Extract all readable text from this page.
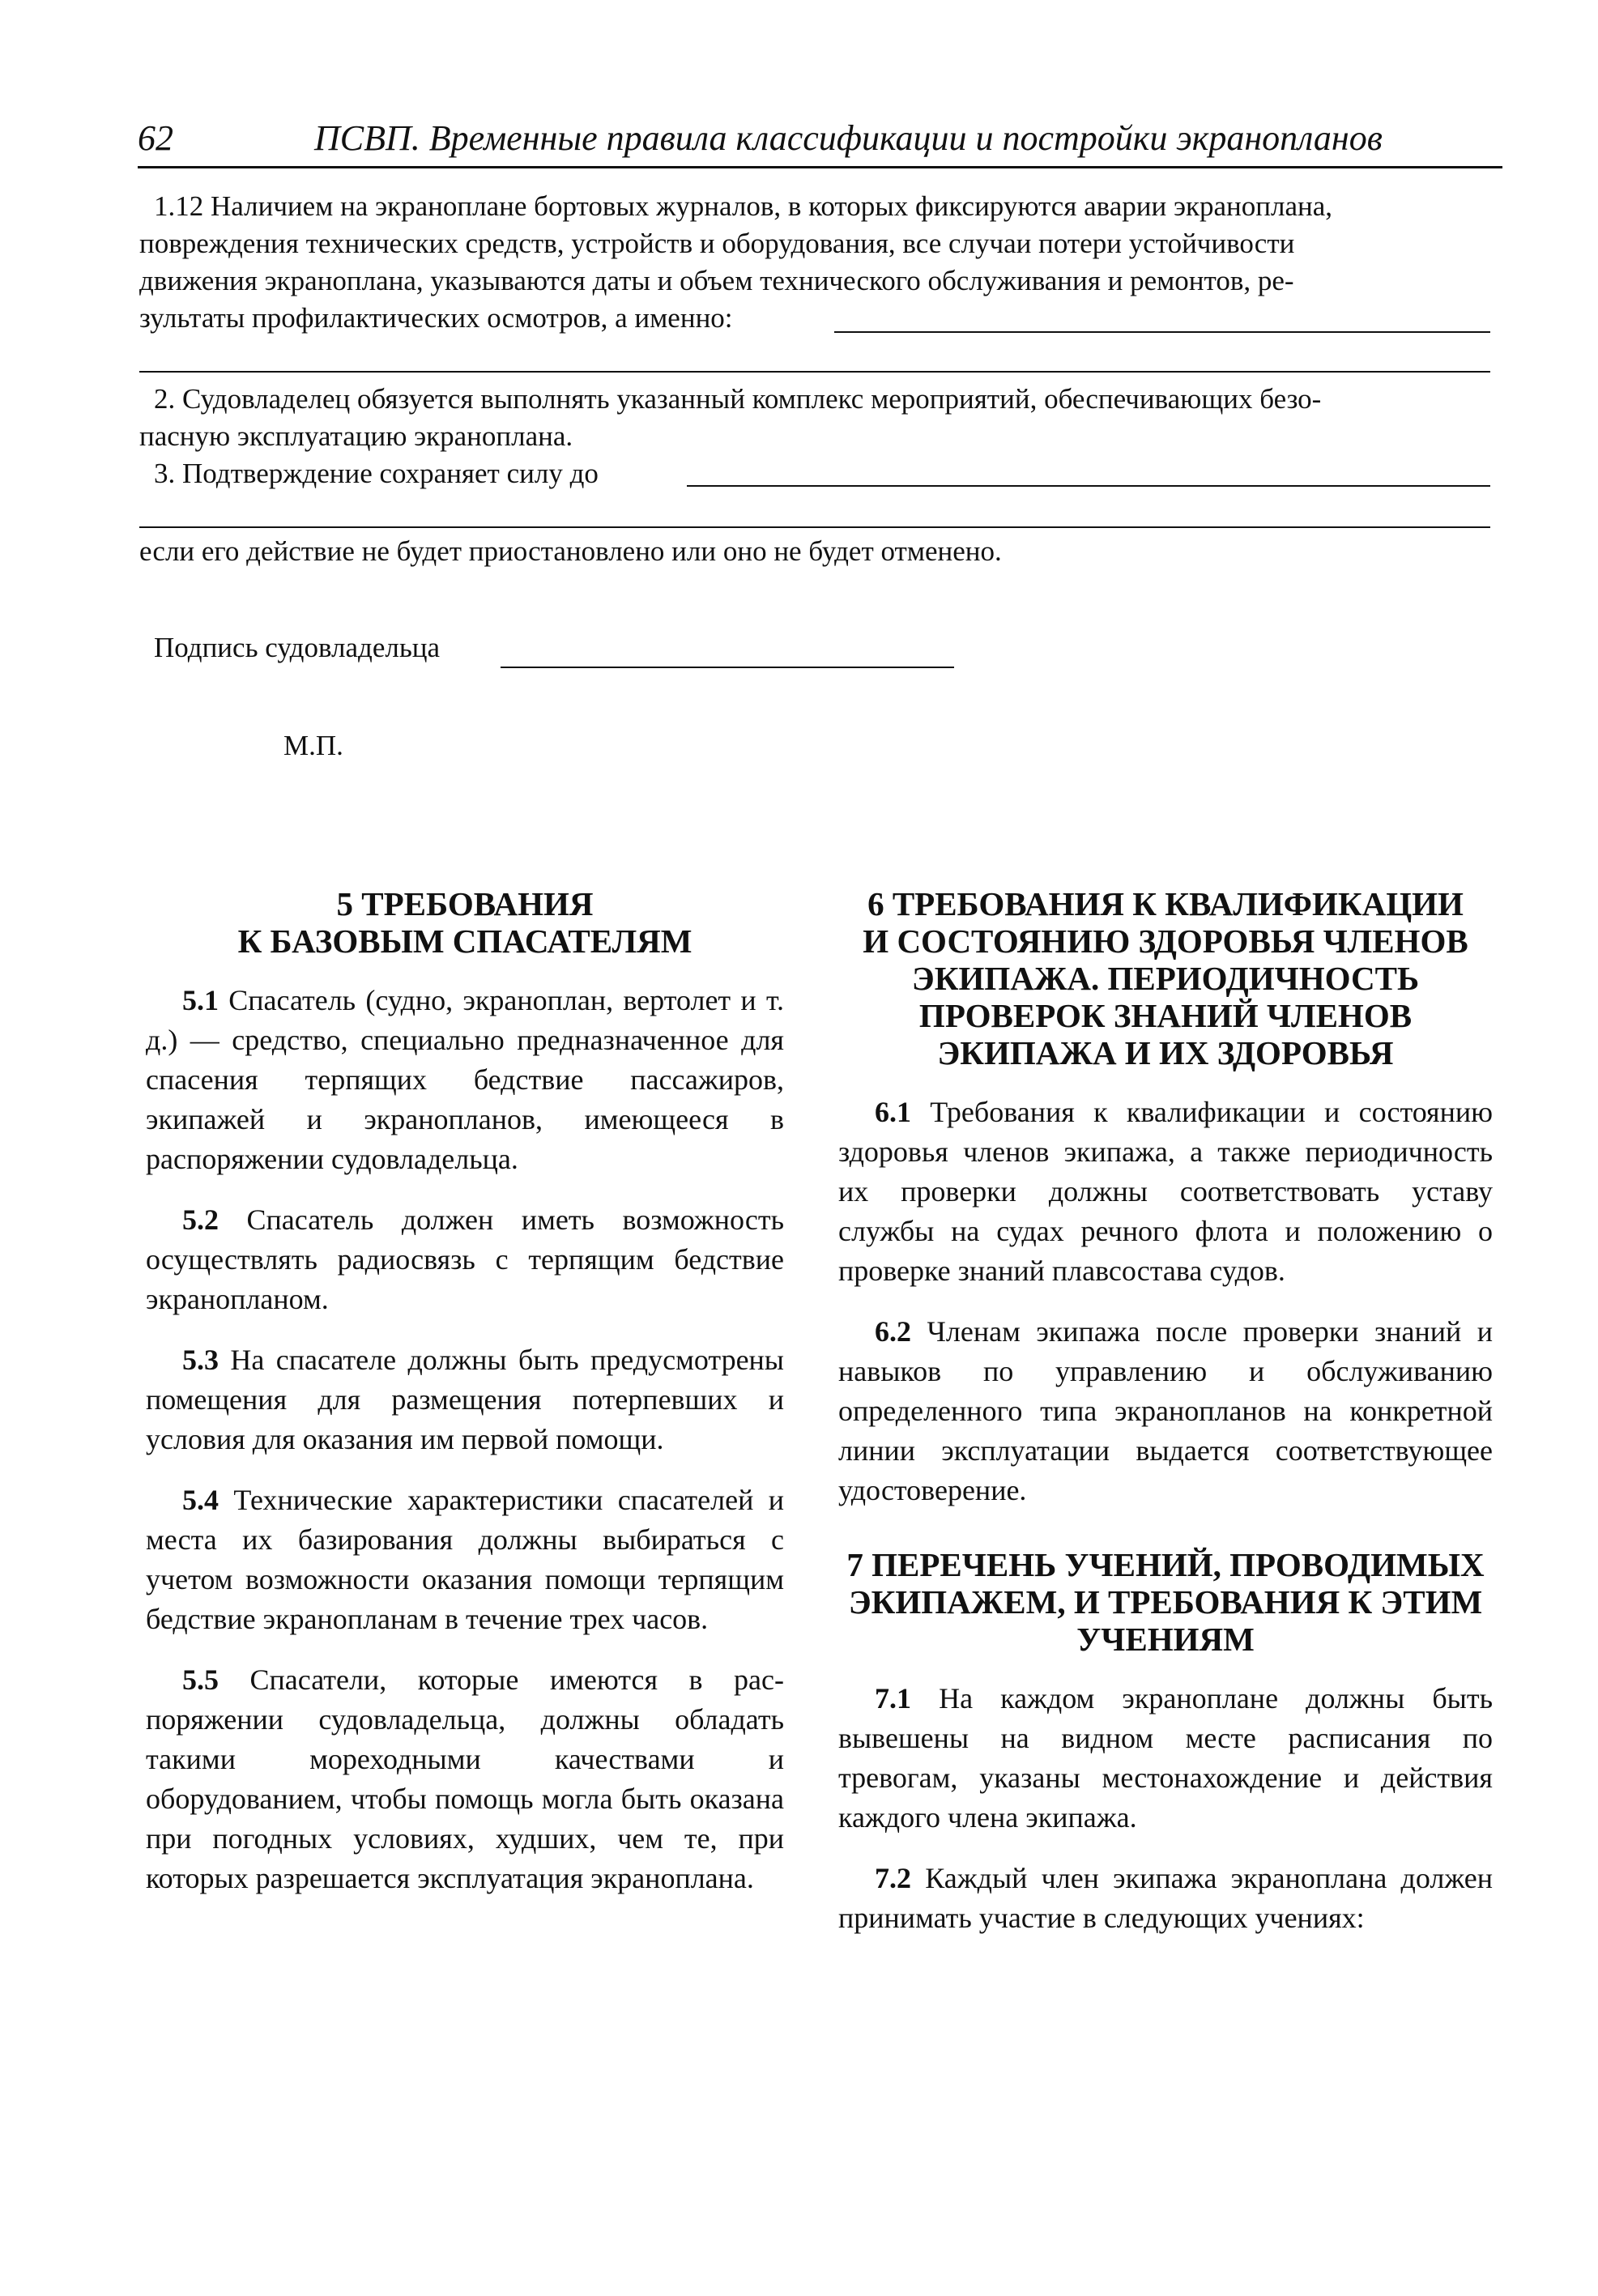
62	ПСВП. Временные правила классификации и постройки экранопланов
1.12 Наличием на экраноплане бортовых журналов, в которых фиксируются аварии экраноплана,
повреждения технических средств, устройств и оборудования, все случаи потери устойчивости
движения экраноплана, указываются даты и объем технического обслуживания и ремонтов, ре-
зультаты профилактических осмотров, а именно:
2. Судовладелец обязуется выполнять указанный комплекс мероприятий, обеспечивающих безо-
пасную эксплуатацию экраноплана.
3. Подтверждение сохраняет силу до
если его действие не будет приостановлено или оно не будет отменено.
Подпись судовладельца
М.П.
5 ТРЕБОВАНИЯ
К БАЗОВЫМ СПАСАТЕЛЯМ

5.1 Спасатель (судно, экраноплан, вертолет и т. д.) — средство, специально предназначенное для спасения терпящих бедствие пассажиров, экипажей и экранопланов, имеющееся в распоряжении судовладельца.

5.2 Спасатель должен иметь возможность осуществлять радиосвязь с терпящим бедствие экранопланом.

5.3 На спасателе должны быть предусмотрены помещения для размещения потерпевших и условия для оказания им первой помощи.

5.4 Технические характеристики спасателей и места их базирования должны выбираться с учетом возможности оказания помощи терпящим бедствие экранопланам в течение трех часов.

5.5 Спасатели, которые имеются в распоряжении судовладельца, должны обладать такими мореходными качествами и оборудованием, чтобы помощь могла быть оказана при погодных условиях, худших, чем те, при которых разрешается эксплуатация экраноплана.

6 ТРЕБОВАНИЯ К КВАЛИФИКАЦИИ
И СОСТОЯНИЮ ЗДОРОВЬЯ ЧЛЕНОВ
ЭКИПАЖА. ПЕРИОДИЧНОСТЬ
ПРОВЕРОК ЗНАНИЙ ЧЛЕНОВ
ЭКИПАЖА И ИХ ЗДОРОВЬЯ

6.1 Требования к квалификации и состоянию здоровья членов экипажа, а также периодичность их проверки должны соответствовать уставу службы на судах речного флота и положению о проверке знаний плавсостава судов.

6.2 Членам экипажа после проверки знаний и навыков по управлению и обслуживанию определенного типа экранопланов на конкретной линии эксплуатации выдается соответствующее удостоверение.

7 ПЕРЕЧЕНЬ УЧЕНИЙ, ПРОВОДИМЫХ
ЭКИПАЖЕМ, И ТРЕБОВАНИЯ К ЭТИМ
УЧЕНИЯМ

7.1 На каждом экраноплане должны быть вывешены на видном месте расписания по тревогам, указаны местонахождение и действия каждого члена экипажа.

7.2 Каждый член экипажа экраноплана должен принимать участие в следующих учениях:
